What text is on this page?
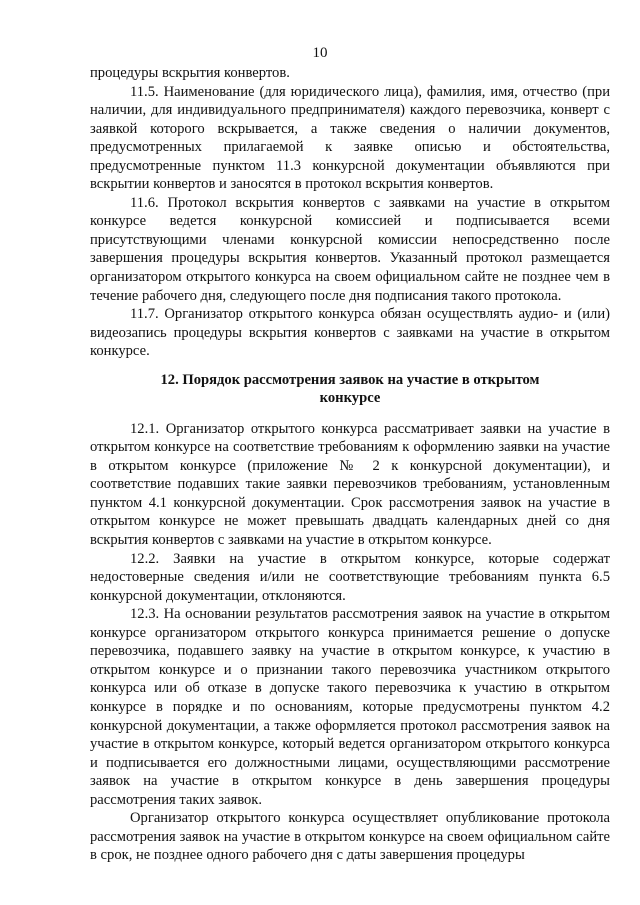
10

процедуры вскрытия конвертов.

11.5. Наименование (для юридического лица), фамилия, имя, отчество (при наличии, для индивидуального предпринимателя) каждого перевозчика, конверт с заявкой которого вскрывается, а также сведения о наличии документов, предусмотренных прилагаемой к заявке описью и обстоятельства, предусмотренные пунктом 11.3 конкурсной документации объявляются при вскрытии конвертов и заносятся в протокол вскрытия конвертов.

11.6. Протокол вскрытия конвертов с заявками на участие в открытом конкурсе ведется конкурсной комиссией и подписывается всеми присутствующими членами конкурсной комиссии непосредственно после завершения процедуры вскрытия конвертов. Указанный протокол размещается организатором открытого конкурса на своем официальном сайте не позднее чем в течение рабочего дня, следующего после дня подписания такого протокола.

11.7. Организатор открытого конкурса обязан осуществлять аудио- и (или) видеозапись процедуры вскрытия конвертов с заявками на участие в открытом конкурсе.

12. Порядок рассмотрения заявок на участие в открытом
конкурсе

12.1. Организатор открытого конкурса рассматривает заявки на участие в открытом конкурсе на соответствие требованиям к оформлению заявки на участие в открытом конкурсе (приложение № 2 к конкурсной документации), и соответствие подавших такие заявки перевозчиков требованиям, установленным пунктом 4.1 конкурсной документации. Срок рассмотрения заявок на участие в открытом конкурсе не может превышать двадцать календарных дней со дня вскрытия конвертов с заявками на участие в открытом конкурсе.

12.2. Заявки на участие в открытом конкурсе, которые содержат недостоверные сведения и/или не соответствующие требованиям пункта 6.5 конкурсной документации, отклоняются.

12.3. На основании результатов рассмотрения заявок на участие в открытом конкурсе организатором открытого конкурса принимается решение о допуске перевозчика, подавшего заявку на участие в открытом конкурсе, к участию в открытом конкурсе и о признании такого перевозчика участником открытого конкурса или об отказе в допуске такого перевозчика к участию в открытом конкурсе в порядке и по основаниям, которые предусмотрены пунктом 4.2 конкурсной документации, а также оформляется протокол рассмотрения заявок на участие в открытом конкурсе, который ведется организатором открытого конкурса и подписывается его должностными лицами, осуществляющими рассмотрение заявок на участие в открытом конкурсе в день завершения процедуры рассмотрения таких заявок.

Организатор открытого конкурса осуществляет опубликование протокола рассмотрения заявок на участие в открытом конкурсе на своем официальном сайте в срок, не позднее одного рабочего дня с даты завершения процедуры
